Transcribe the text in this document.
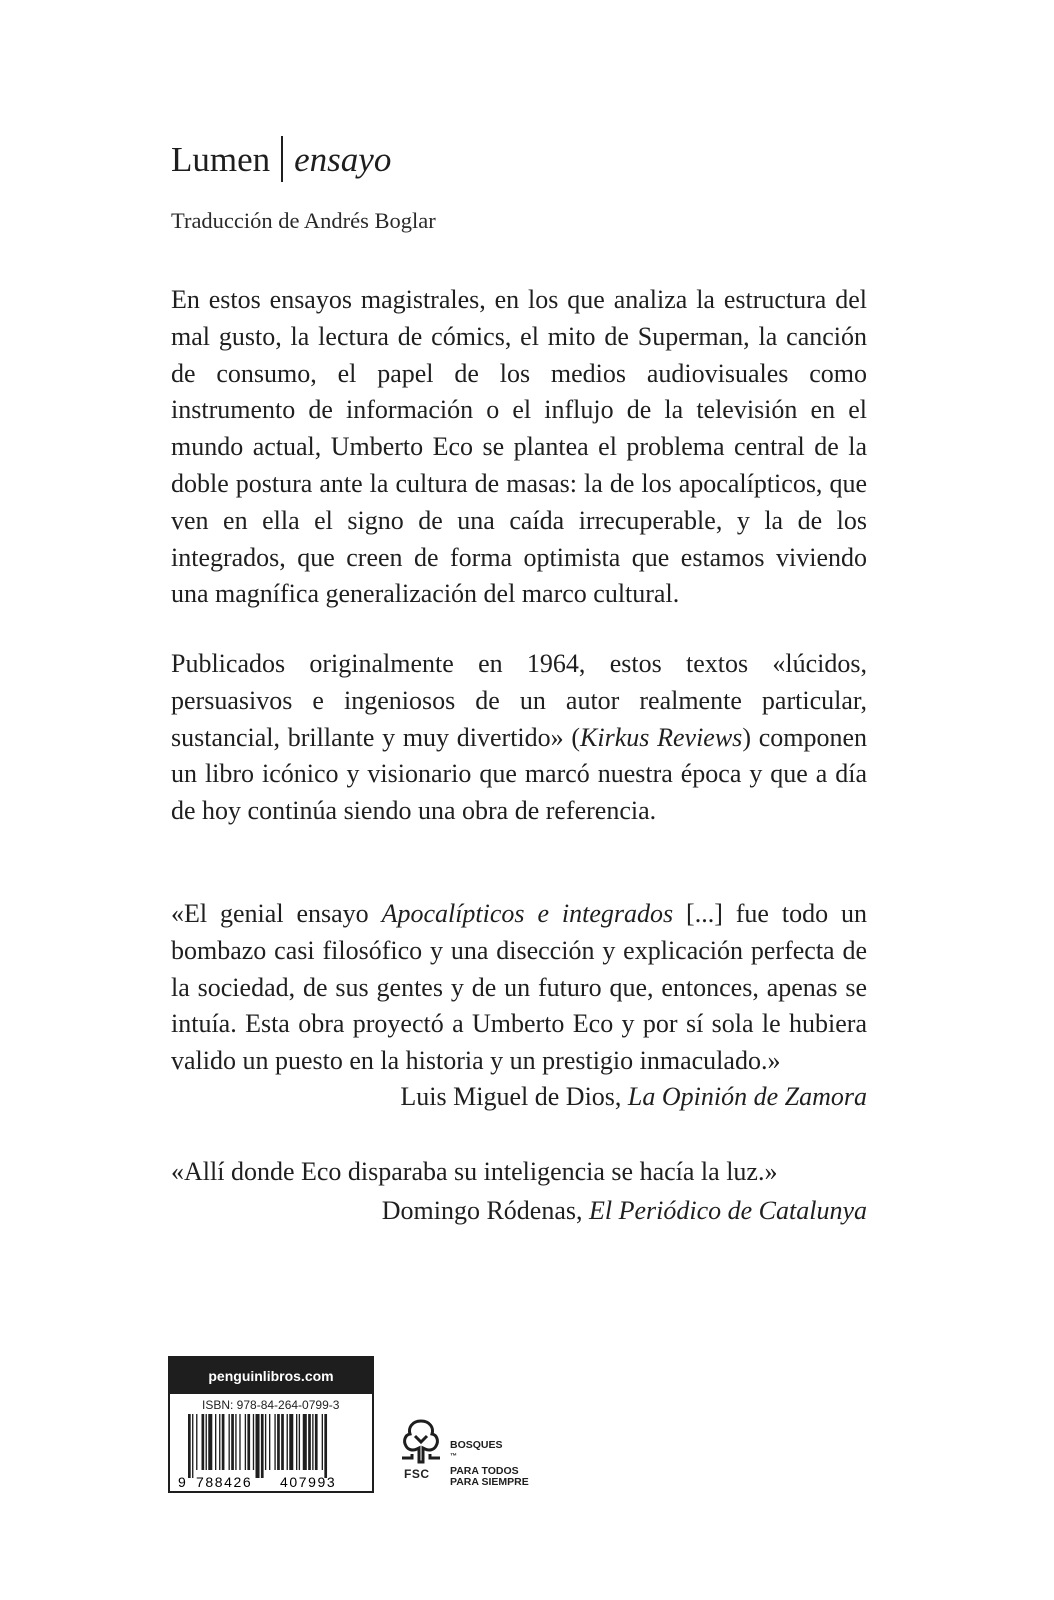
Lumen ensayo
Traducción de Andrés Boglar

En estos ensayos magistrales, en los que analiza la estructura del mal gusto, la lectura de cómics, el mito de Superman, la canción de consumo, el papel de los medios audiovisuales como instrumento de información o el influjo de la televisión en el mundo actual, Umberto Eco se plantea el problema central de la doble postura ante la cultura de masas: la de los apocalípticos, que ven en ella el signo de una caída irrecuperable, y la de los integrados, que creen de forma optimista que estamos viviendo una magnífica generalización del marco cultural.

Publicados originalmente en 1964, estos textos «lúcidos, persuasivos e ingeniosos de un autor realmente particular, sustancial, brillante y muy divertido» (Kirkus Reviews) componen un libro icónico y visionario que marcó nuestra época y que a día de hoy continúa siendo una obra de referencia.

«El genial ensayo Apocalípticos e integrados [...] fue todo un bombazo casi filosófico y una disección y explicación perfecta de la sociedad, de sus gentes y de un futuro que, entonces, apenas se intuía. Esta obra proyectó a Umberto Eco y por sí sola le hubiera valido un puesto en la historia y un prestigio inmaculado.»

Luis Miguel de Dios, La Opinión de Zamora

«Allí donde Eco disparaba su inteligencia se hacía la luz.»

Domingo Ródenas, El Periódico de Catalunya

penguinlibros.com
ISBN: 978-84-264-0799-3
9 788426 407993	FSC
BOSQUES
™
PARA TODOS
PARA SIEMPRE
